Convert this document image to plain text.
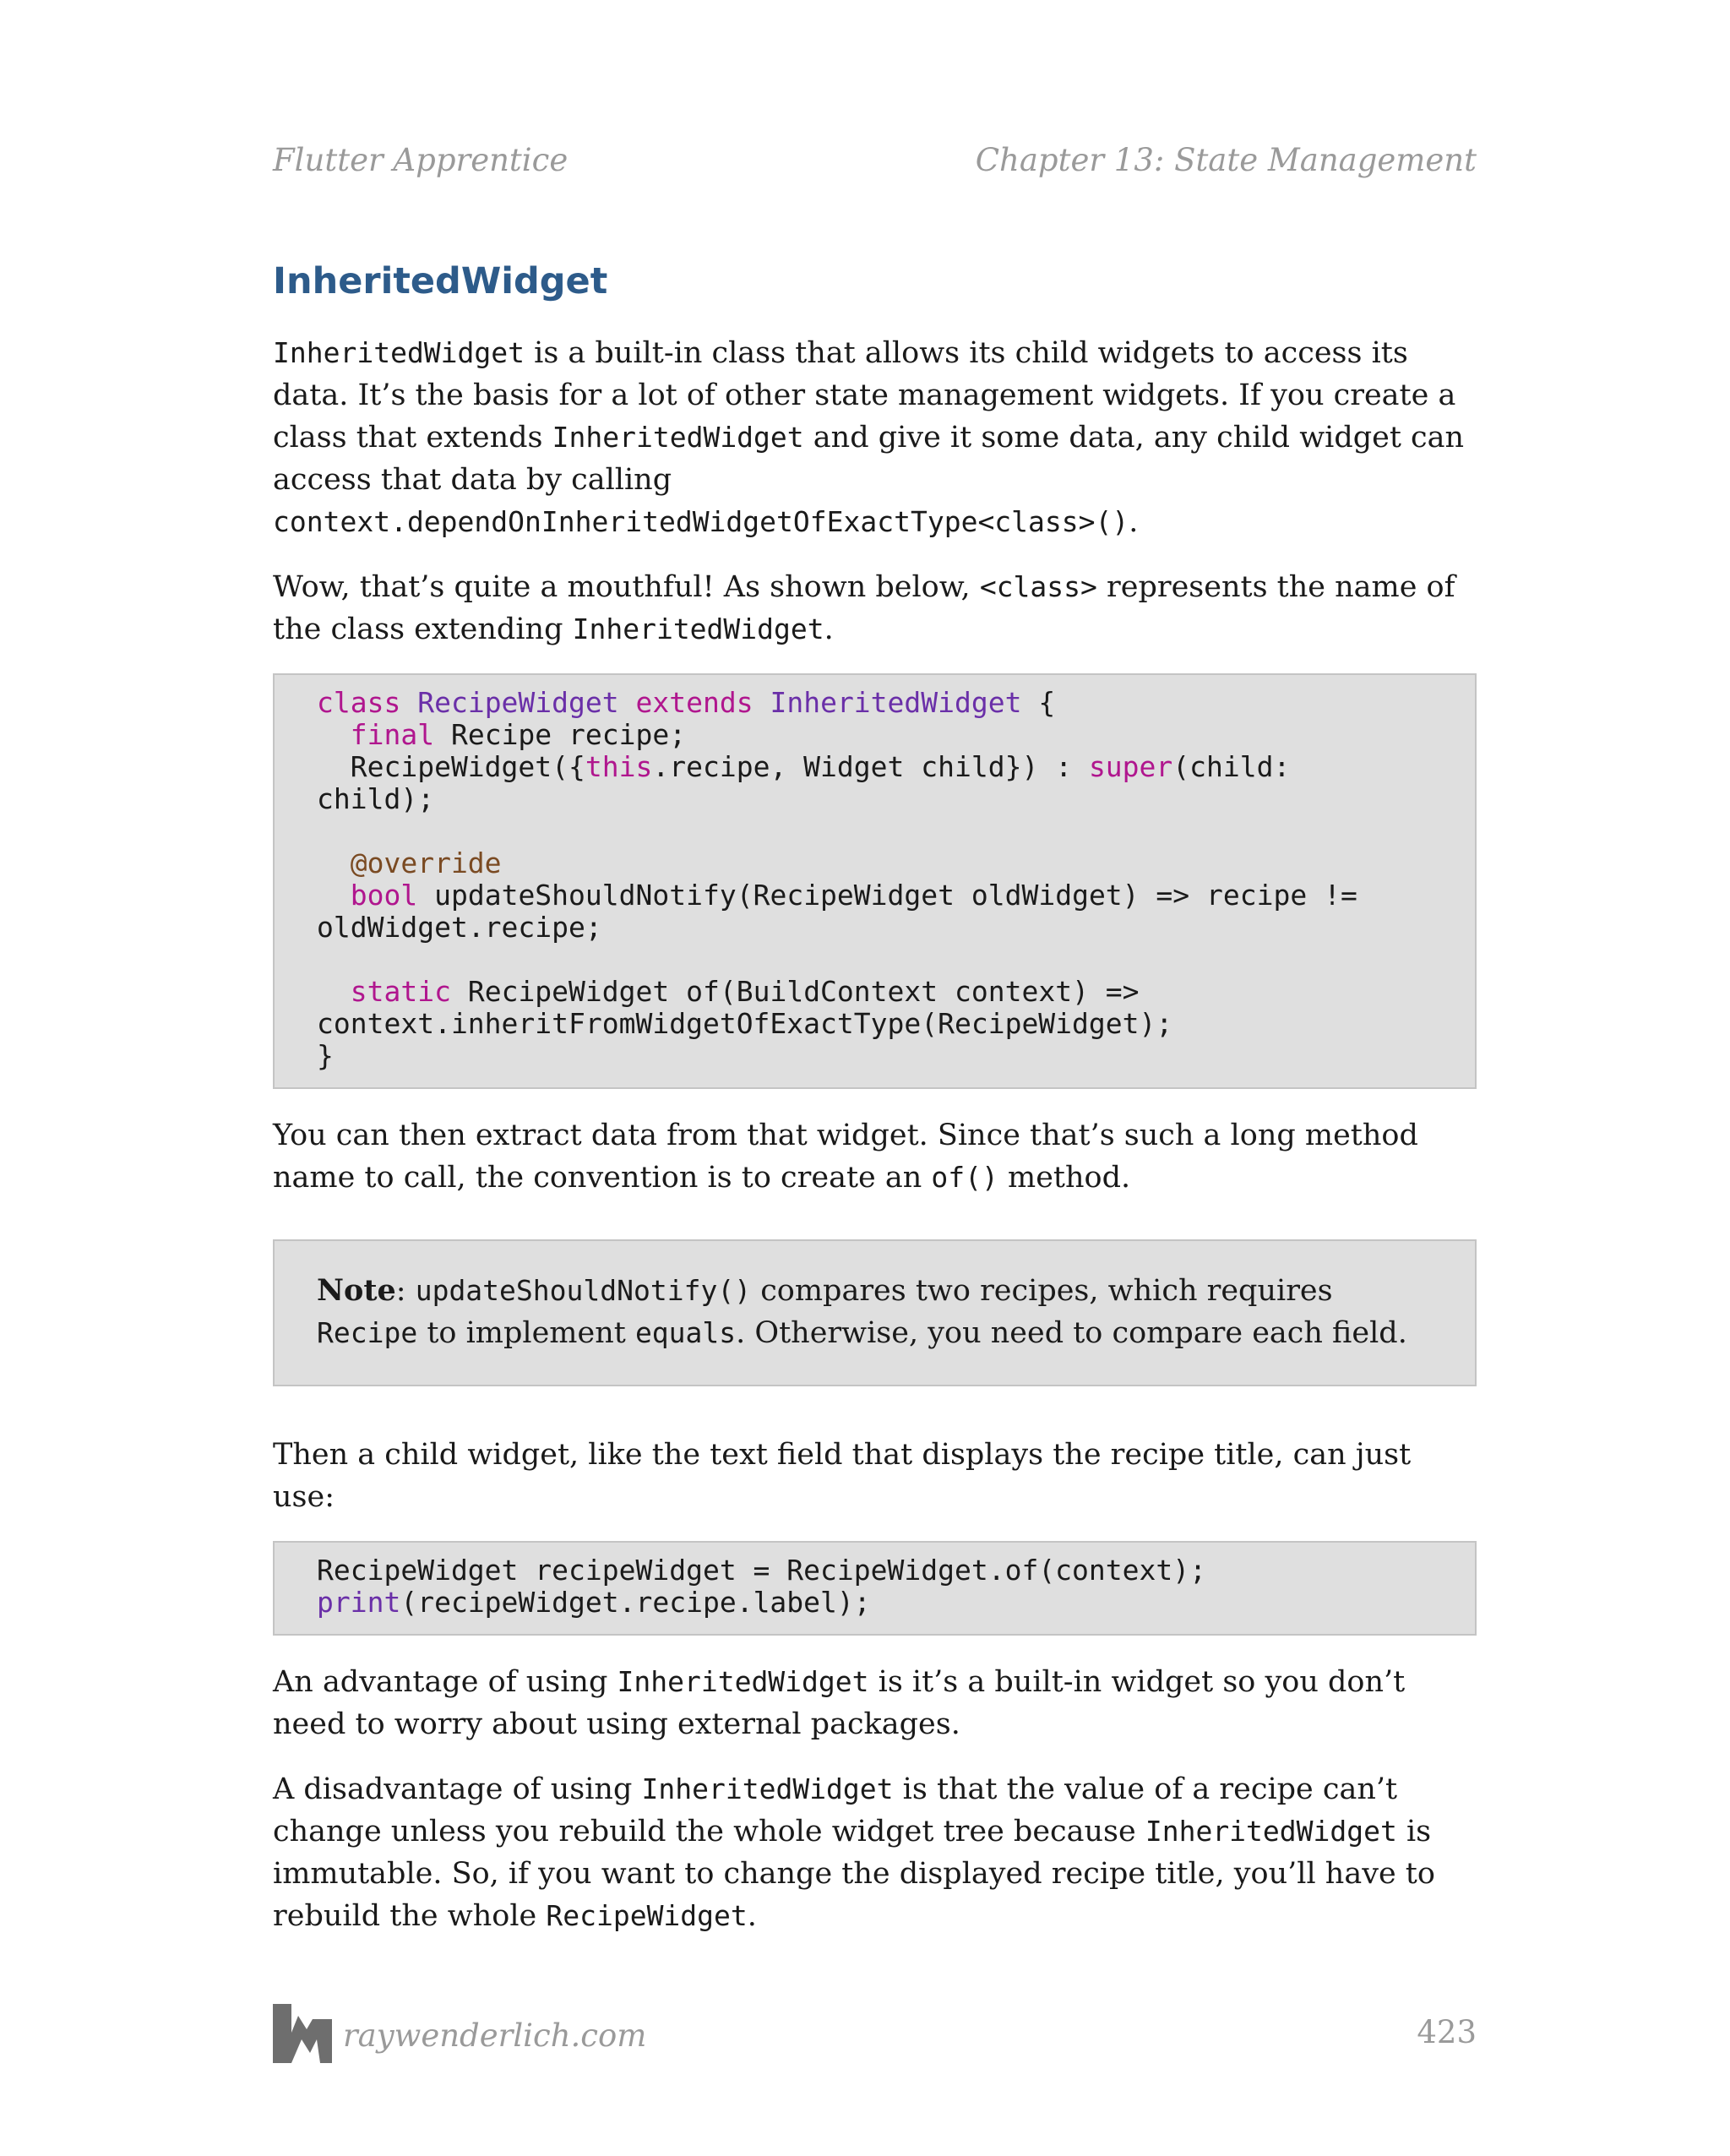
Flutter Apprentice	Chapter 13: State Management
InheritedWidget

InheritedWidget is a built-in class that allows its child widgets to access its data. It’s the basis for a lot of other state management widgets. If you create a class that extends InheritedWidget and give it some data, any child widget can access that data by calling context.dependOnInheritedWidgetOfExactType<class>().

Wow, that’s quite a mouthful! As shown below, <class> represents the name of the class extending InheritedWidget.

class RecipeWidget extends InheritedWidget {
final Recipe recipe;
RecipeWidget({this.recipe, Widget child}) : super(child:
child);

@override
bool updateShouldNotify(RecipeWidget oldWidget) => recipe !=
oldWidget.recipe;

static RecipeWidget of(BuildContext context) =>
context.inheritFromWidgetOfExactType(RecipeWidget);
}

You can then extract data from that widget. Since that’s such a long method name to call, the convention is to create an of() method.

Note: updateShouldNotify() compares two recipes, which requires Recipe to implement equals. Otherwise, you need to compare each field.

Then a child widget, like the text field that displays the recipe title, can just use:

RecipeWidget recipeWidget = RecipeWidget.of(context);
print(recipeWidget.recipe.label);

An advantage of using InheritedWidget is it’s a built-in widget so you don’t need to worry about using external packages.

A disadvantage of using InheritedWidget is that the value of a recipe can’t change unless you rebuild the whole widget tree because InheritedWidget is immutable. So, if you want to change the displayed recipe title, you’ll have to rebuild the whole RecipeWidget.

raywenderlich.com	423
